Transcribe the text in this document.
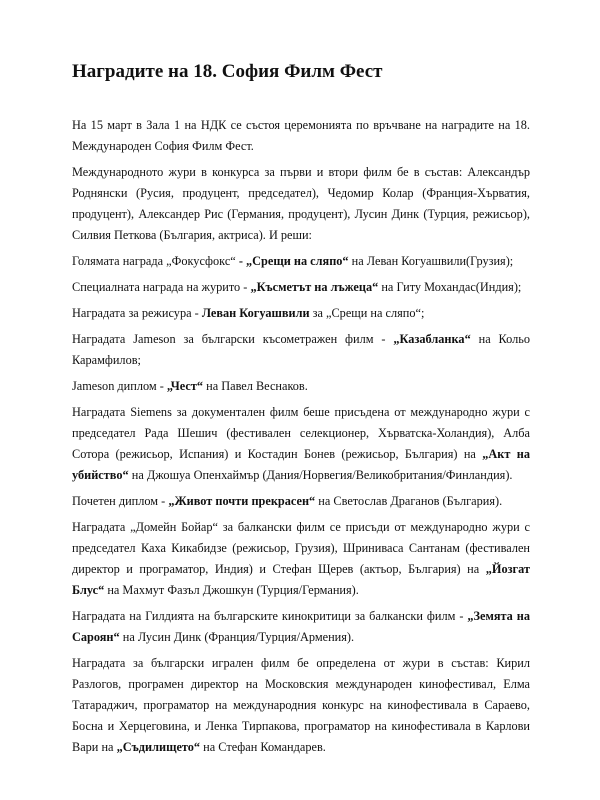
Наградите на 18. София Филм Фест

На 15 март в Зала 1 на НДК се състоя церемонията по връчване на наградите на 18. Международен София Филм Фест.

Международното жури в конкурса за първи и втори филм бе в състав: Александър Роднянски (Русия, продуцент, председател), Чедомир Колар (Франция-Хърватия, продуцент), Александер Рис (Германия, продуцент), Лусин Динк (Турция, режисьор), Силвия Петкова (България, актриса). И реши:

Голямата награда „Фокусфокс“ - „Срещи на сляпо“ на Леван Когуашвили(Грузия);

Специалната награда на журито - „Късметът на лъжеца“ на Гиту Мохандас(Индия);

Наградата за режисура - Леван Когуашвили за „Срещи на сляпо“;

Наградата Jameson за български късометражен филм - „Казабланка“ на Кольо Карамфилов;

Jameson диплом - „Чест“ на Павел Веснаков.

Наградата Siemens за документален филм беше присъдена от международно жури с председател Рада Шешич (фестивален селекционер, Хърватска-Холандия), Алба Сотора (режисьор, Испания) и Костадин Бонев (режисьор, България) на „Акт на убийство“ на Джошуа Опенхаймър (Дания/Норвегия/Великобритания/Финландия).

Почетен диплом - „Живот почти прекрасен“ на Светослав Драганов (България).

Наградата „Домейн Бойар“ за балкански филм се присъди от международно жури с председател Каха Кикабидзе (режисьор, Грузия), Шриниваса Сантанам (фестивален директор и програматор, Индия) и Стефан Щерев (актьор, България) на „Йозгат Блус“ на Махмут Фазъл Джошкун (Турция/Германия).

Наградата на Гилдията на българските кинокритици за балкански филм - „Земята на Сароян“ на Лусин Динк (Франция/Турция/Армения).

Наградата за български игрален филм бе определена от жури в състав: Кирил Разлогов, програмен директор на Московския международен кинофестивал, Елма Татараджич, програматор на международния конкурс на кинофестивала в Сараево, Босна и Херцеговина, и Ленка Тирпакова, програматор на кинофестивала в Карлови Вари на „Съдилището“ на Стефан Командарев.
